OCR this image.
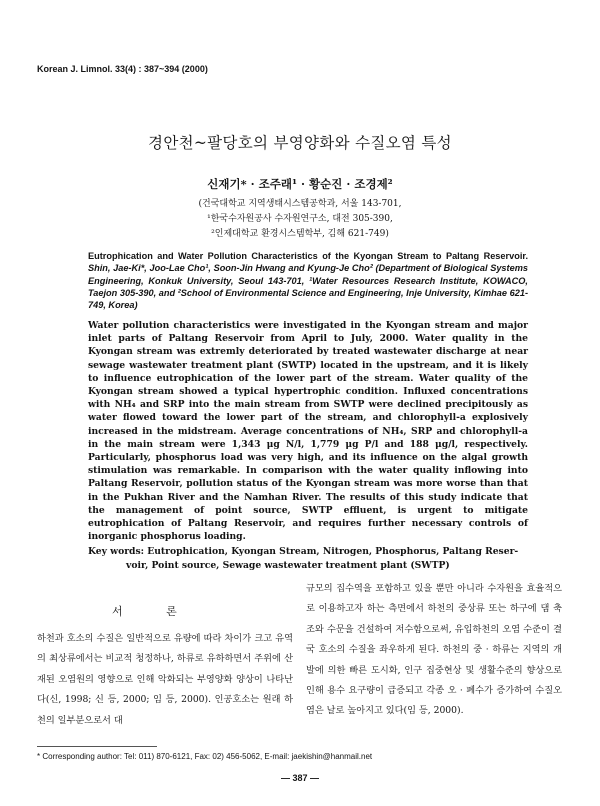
Korean J. Limnol. 33(4) : 387~394 (2000)
경안천~팔당호의 부영양화와 수질오염 특성
신재기* · 조주래¹ · 황순진 · 조경제²
(건국대학교 지역생태시스템공학과, 서울 143-701,
¹한국수자원공사 수자원연구소, 대전 305-390,
²인제대학교 환경시스템학부, 김해 621-749)
Eutrophication and Water Pollution Characteristics of the Kyongan Stream to Paltang Reservoir. Shin, Jae-Ki*, Joo-Lae Cho¹, Soon-Jin Hwang and Kyung-Je Cho² (Department of Biological Systems Engineering, Konkuk University, Seoul 143-701, ¹Water Resources Research Institute, KOWACO, Taejon 305-390, and ²School of Environmental Science and Engineering, Inje University, Kimhae 621-749, Korea)

Water pollution characteristics were investigated in the Kyongan stream and major inlet parts of Paltang Reservoir from April to July, 2000. Water quality in the Kyongan stream was extremly deteriorated by treated wastewater discharge at near sewage wastewater treatment plant (SWTP) located in the upstream, and it is likely to influence eutrophication of the lower part of the stream. Water quality of the Kyongan stream showed a typical hypertrophic condition. Influxed concentrations with NH₄ and SRP into the main stream from SWTP were declined precipitously as water flowed toward the lower part of the stream, and chlorophyll-a explosively increased in the midstream. Average concentrations of NH₄, SRP and chlorophyll-a in the main stream were 1,343 μg N/l, 1,779 μg P/l and 188 μg/l, respectively. Particularly, phosphorus load was very high, and its influence on the algal growth stimulation was remarkable. In comparison with the water quality inflowing into Paltang Reservoir, pollution status of the Kyongan stream was more worse than that in the Pukhan River and the Namhan River. The results of this study indicate that the management of point source, SWTP effluent, is urgent to mitigate eutrophication of Paltang Reservoir, and requires further necessary controls of inorganic phosphorus loading.

Key words: Eutrophication, Kyongan Stream, Nitrogen, Phosphorus, Paltang Reser-
voir, Point source, Sewage wastewater treatment plant (SWTP)
서 론

하천과 호소의 수질은 일반적으로 유량에 따라 차이가 크고 유역의 최상류에서는 비교적 청정하나, 하류로 유하하면서 주위에 산재된 오염원의 영향으로 인해 악화되는 부영양화 양상이 나타난다(신, 1998; 신 등, 2000; 임 등, 2000). 인공호소는 원래 하천의 일부분으로서 대

규모의 집수역을 포함하고 있을 뿐만 아니라 수자원을 효율적으로 이용하고자 하는 측면에서 하천의 중상류 또는 하구에 댐 축조와 수문을 건설하여 저수함으로써, 유입하천의 오염 수준이 결국 호소의 수질을 좌우하게 된다. 하천의 중 · 하류는 지역의 개발에 의한 빠른 도시화, 인구 집중현상 및 생활수준의 향상으로 인해 용수 요구량이 급증되고 각종 오 · 폐수가 증가하여 수질오염은 날로 높아지고 있다(임 등, 2000).

* Corresponding author: Tel: 011) 870-6121, Fax: 02) 456-5062, E-mail: jaekishin@hanmail.net
— 387 —
